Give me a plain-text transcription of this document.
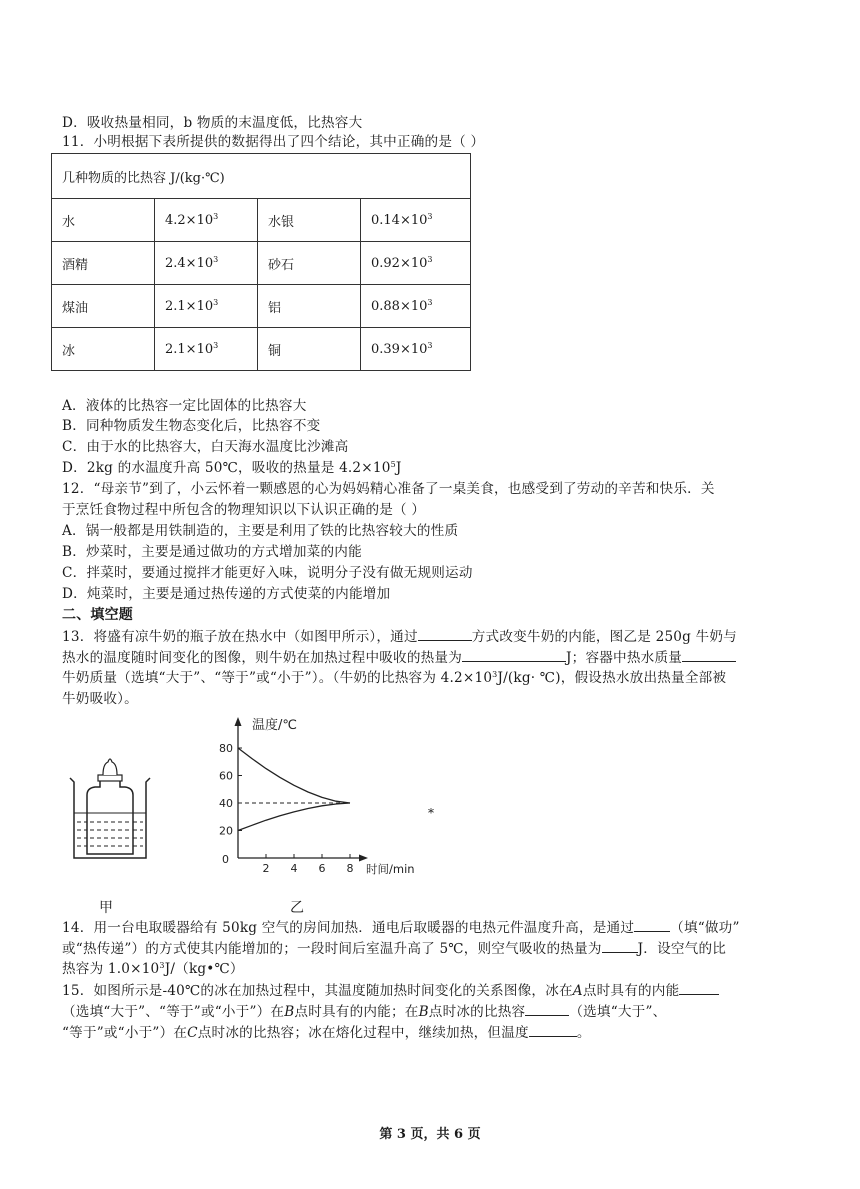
D．吸收热量相同，b 物质的末温度低，比热容大
11．小明根据下表所提供的数据得出了四个结论，其中正确的是（ ）
几种物质的比热容 J/(kg·℃)			
水	$4.2\times 10^3$	水银	$0.14\times 10^3$
酒精	$2.4\times 10^3$	砂石	$0.92\times 10^3$
煤油	$2.1\times 10^3$	铝	$0.88\times 10^3$
冰	$2.1\times 10^3$	铜	$0.39\times 10^3$
A．液体的比热容一定比固体的比热容大
B．同种物质发生物态变化后，比热容不变
C．由于水的比热容大，白天海水温度比沙滩高
D．2kg 的水温度升高 50℃，吸收的热量是 $4.2\times 10^5J$
12．“母亲节”到了，小云怀着一颗感恩的心为妈妈精心准备了一桌美食，也感受到了劳动的辛苦和快乐．关
于烹饪食物过程中所包含的物理知识以下认识正确的是（ ）
A．锅一般都是用铁制造的，主要是利用了铁的比热容较大的性质
B．炒菜时，主要是通过做功的方式增加菜的内能
C．拌菜时，要通过搅拌才能更好入味，说明分子没有做无规则运动
D．炖菜时，主要是通过热传递的方式使菜的内能增加
二、填空题
13．将盛有凉牛奶的瓶子放在热水中（如图甲所示），通过	方式改变牛奶的内能，图乙是 250g 牛奶与
热水的温度随时间变化的图像，则牛奶在加热过程中吸收的热量为	J；容器中热水质量
牛奶质量（选填“大于”、“等于”或“小于”）。（牛奶的比热容为 $4.2\times 10^3J/(kg\cdot$ ℃)，假设热水放出热量全部被
牛奶吸收）。
甲
温度/℃
时间/min
0
2 4 6 8
20
40
60
80
乙
*
14．用一台电取暖器给有 50kg 空气的房间加热．通电后取暖器的电热元件温度升高，是通过	（填“做功”
或“热传递”）的方式使其内能增加的；一段时间后室温升高了 5℃，则空气吸收的热量为	J．设空气的比
热容为 $1.0\times 10^3J/(kg•℃)$
15．如图所示是-40℃的冰在加热过程中，其温度随加热时间变化的关系图像，冰在A点时具有的内能
（选填“大于”、“等于”或“小于”）在B点时具有的内能；在B点时冰的比热容	（选填“大于”、
“等于”或“小于”）在C点时冰的比热容；冰在熔化过程中，继续加热，但温度	。
第 3 页，共 6 页
